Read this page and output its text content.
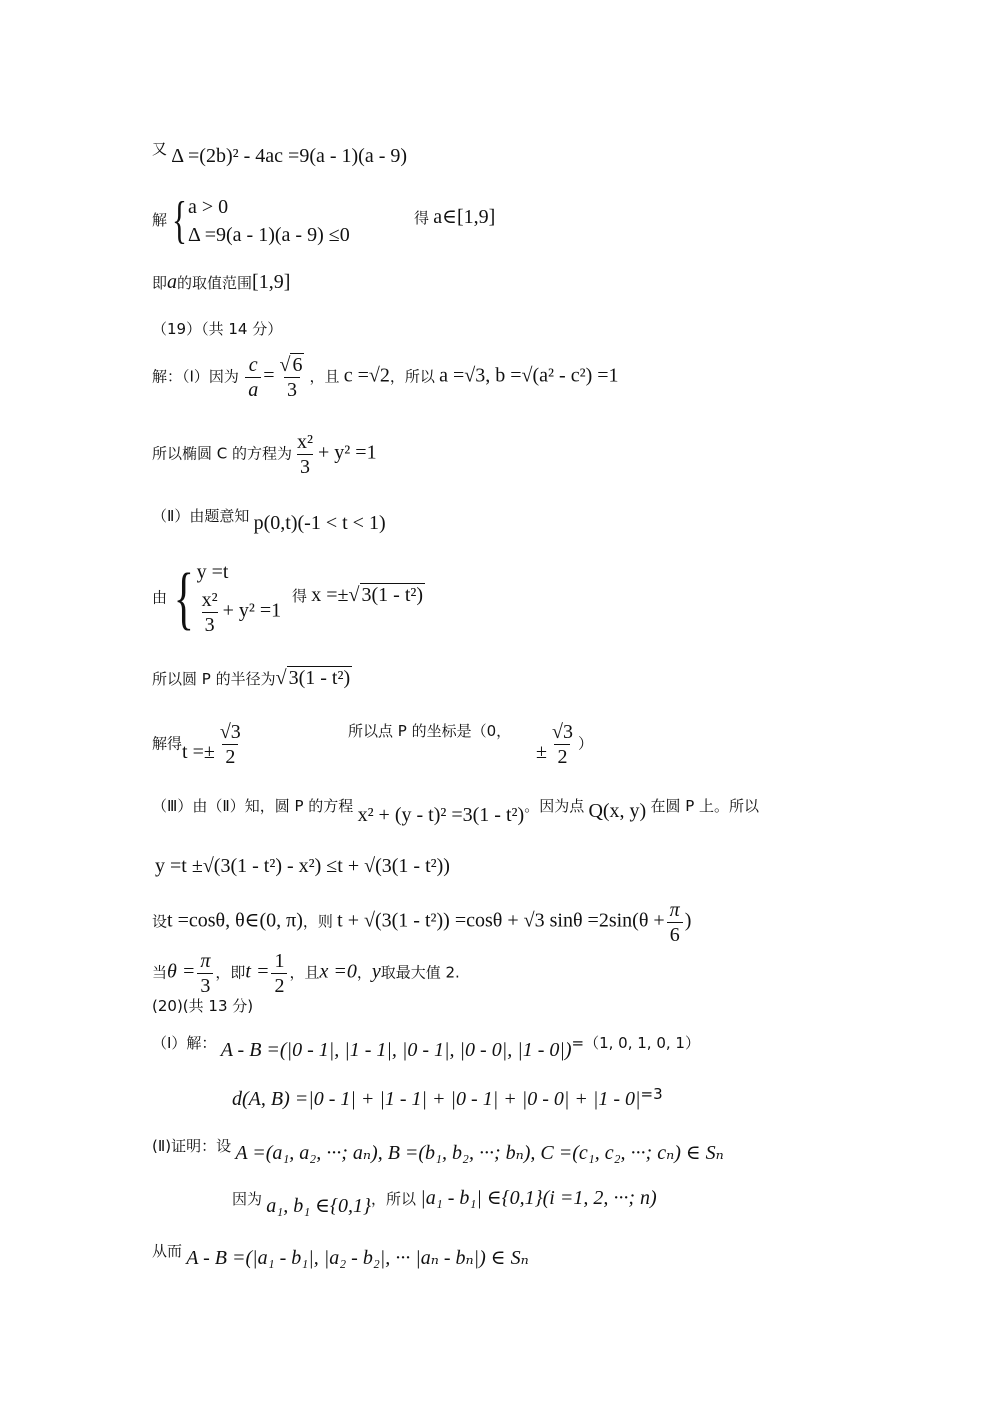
又 Δ =(2b)² - 4ac =9(a - 1)(a - 9)
解{ a > 0
Δ =9(a - 1)(a - 9) ≤0
得 a∈[1,9]
即a的取值范围[1,9]
（19）（共 14 分）
解：（Ⅰ）因为 $\frac{c}{a} = \frac{√ 6}{3}$ ，且 c =√2，所以 a =√3, b =√(a² - c²) =1
所以椭圆 C 的方程为 $\frac{\text{x²}}{3} + y^2 =1$
（Ⅱ）由题意知 p(0,t)(-1 < t < 1)
由{ y =t
$\frac{\text{x²}}{3} + y^2 =1$
得 x =±√ 3(1 - t²)
所以圆 P 的半径为√ 3(1 - t²)
解得$t =\pm \frac{√3}{2}$	所以点 P 的坐标是（0，
± $\frac{√3}{2}$ ）
（Ⅲ）由（Ⅱ）知，圆 P 的方程 x² + (y - t)² =3(1 - t²)。因为点 Q(x, y) 在圆 P 上。所以
y =t ±√(3(1 - t²) - x²) ≤t + √(3(1 - t²))
设t =cosθ, θ∈(0, π)，则 t + √(3(1 - t²)) =cosθ + √3 $\sin\theta =2\sin(\theta + \frac{\pi}{6}$ )
当$\theta = \frac{\pi}{3}$ ，即$t = \frac{1}{2}$ ，且x =0，y取最大值 2.
(20)(共 13 分)
（Ⅰ）解： A - B =(|0 - 1|, |1 - 1|, |0 - 1|, |0 - 0|, |1 - 0|)=（1, 0, 1, 0, 1）
d(A, B) =|0 - 1| + |1 - 1| + |0 - 1| + |0 - 0| + |1 - 0|=3
(Ⅱ)证明：设 A =(a₁, a₂, ···; aₙ), B =(b₁, b₂, ···; bₙ), C =(c₁, c₂, ···; cₙ) ∈ Sₙ
因为 a₁, b₁ ∈{0,1}，所以 |a₁ - b₁| ∈{0,1}(i =1, 2, ···; n)
从而 A - B =(|a₁ - b₁|, |a₂ - b₂|, ··· |aₙ - bₙ|) ∈ Sₙ
